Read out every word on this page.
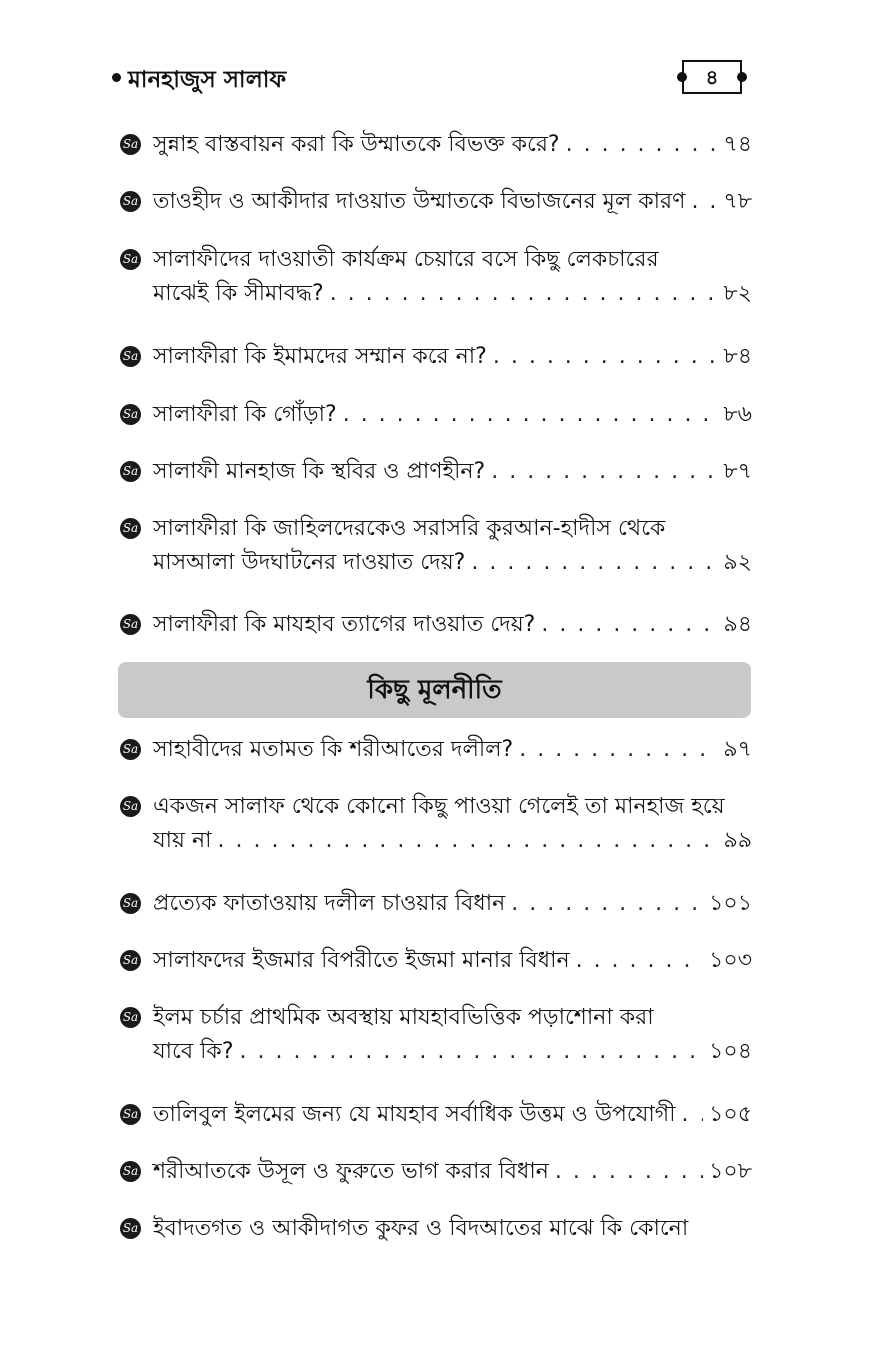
মানহাজুস সালাফ	৪
Sa সুন্নাহ বাস্তবায়ন করা কি উম্মাতকে বিভক্ত করে? . . .	৭৪
Sa তাওহীদ ও আকীদার দাওয়াত উম্মাতকে বিভাজনের মূল কারণ . . . ৭৮
Sa সালাফীদের দাওয়াতী কার্যক্রম চেয়ারে বসে কিছু লেকচারের
মাঝেই কি সীমাবদ্ধ? . . .	৮২
Sa সালাফীরা কি ইমামদের সম্মান করে না? . . .	৮৪
Sa সালাফীরা কি গোঁড়া? . . .	৮৬
Sa সালাফী মানহাজ কি স্থবির ও প্রাণহীন? . . .	৮৭
Sa সালাফীরা কি জাহিলদেরকেও সরাসরি কুরআন-হাদীস থেকে
মাসআলা উদঘাটনের দাওয়াত দেয়? . . .	৯২
Sa সালাফীরা কি মাযহাব ত্যাগের দাওয়াত দেয়? . . .	৯৪
কিছু মূলনীতি
Sa সাহাবীদের মতামত কি শরীআতের দলীল? . . .	৯৭
Sa একজন সালাফ থেকে কোনো কিছু পাওয়া গেলেই তা মানহাজ হয়ে
যায় না . . .	৯৯
Sa প্রত্যেক ফাতাওয়ায় দলীল চাওয়ার বিধান . . .	১০১
Sa সালাফদের ইজমার বিপরীতে ইজমা মানার বিধান . . .	১০৩
Sa ইলম চর্চার প্রাথমিক অবস্থায় মাযহাবভিত্তিক পড়াশোনা করা
যাবে কি? . . .	১০৪
Sa তালিবুল ইলমের জন্য যে মাযহাব সর্বাধিক উত্তম ও উপযোগী . . . ১০৫
Sa শরীআতকে উসূল ও ফুরুতে ভাগ করার বিধান . . .	১০৮
Sa ইবাদতগত ও আকীদাগত কুফর ও বিদআতের মাঝে কি কোনো
